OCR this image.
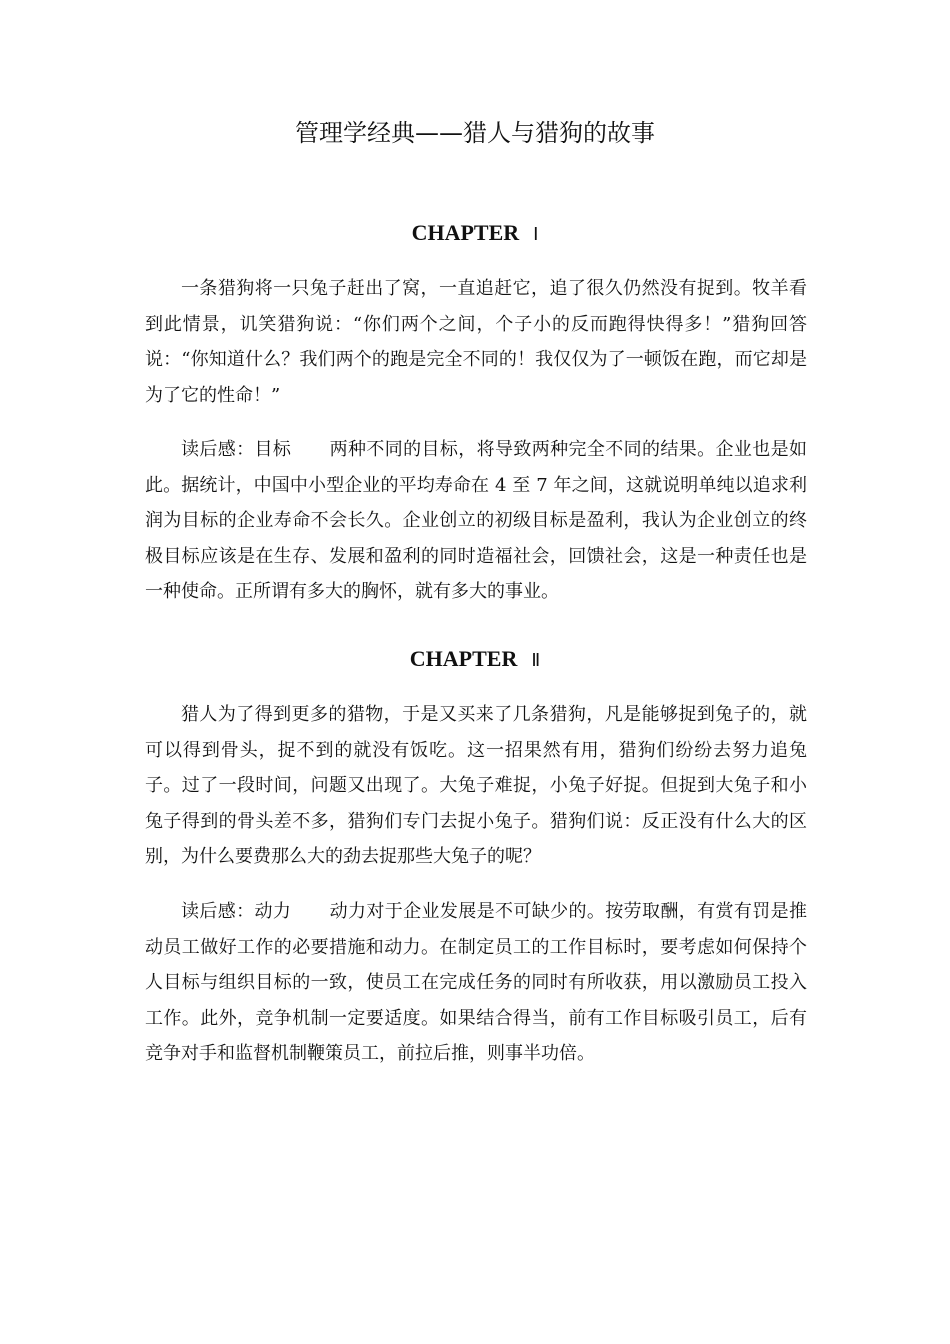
管理学经典——猎人与猎狗的故事
CHAPTER Ⅰ

一条猎狗将一只兔子赶出了窝，一直追赶它，追了很久仍然没有捉到。牧羊看到此情景，讥笑猎狗说：“你们两个之间，个子小的反而跑得快得多！”猎狗回答说：“你知道什么？我们两个的跑是完全不同的！我仅仅为了一顿饭在跑，而它却是为了它的性命！”

读后感：目标 两种不同的目标，将导致两种完全不同的结果。企业也是如此。据统计，中国中小型企业的平均寿命在 4 至 7 年之间，这就说明单纯以追求利润为目标的企业寿命不会长久。企业创立的初级目标是盈利，我认为企业创立的终极目标应该是在生存、发展和盈利的同时造福社会，回馈社会，这是一种责任也是一种使命。正所谓有多大的胸怀，就有多大的事业。

CHAPTER Ⅱ

猎人为了得到更多的猎物，于是又买来了几条猎狗，凡是能够捉到兔子的，就可以得到骨头，捉不到的就没有饭吃。这一招果然有用，猎狗们纷纷去努力追兔子。过了一段时间，问题又出现了。大兔子难捉，小兔子好捉。但捉到大兔子和小兔子得到的骨头差不多，猎狗们专门去捉小兔子。猎狗们说：反正没有什么大的区别，为什么要费那么大的劲去捉那些大兔子的呢？

读后感：动力 动力对于企业发展是不可缺少的。按劳取酬，有赏有罚是推动员工做好工作的必要措施和动力。在制定员工的工作目标时，要考虑如何保持个人目标与组织目标的一致，使员工在完成任务的同时有所收获，用以激励员工投入工作。此外，竞争机制一定要适度。如果结合得当，前有工作目标吸引员工，后有竞争对手和监督机制鞭策员工，前拉后推，则事半功倍。
